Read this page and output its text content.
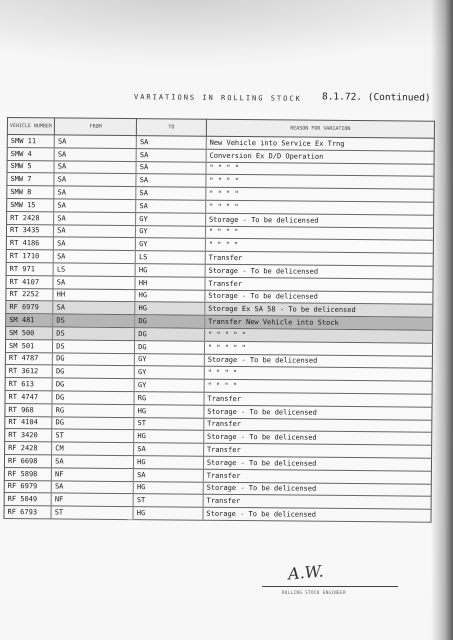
VARIATIONS IN ROLLING STOCK 8.1.72. (Continued)
VEHICLE NUMBER	FROM	TO	REASON FOR VARIATION
SMW 11	SA	SA	New Vehicle into Service Ex Trng
SMW 4	SA	SA	Conversion Ex D/D Operation
SMW 5	SA	SA	" " " "
SMW 7	SA	SA	" " " "
SMW 8	SA	SA	" " " "
SMW 15	SA	SA	" " " "
RT 2428	SA	GY	Storage - To be delicensed
RT 3435	SA	GY	" " " "
RT 4186	SA	GY	" " " "
RT 1710	SA	LS	Transfer
RT 971	LS	HG	Storage - To be delicensed
RT 4107	SA	HH	Transfer
RT 2252	HH	HG	Storage - To be delicensed
RF 6979	SA	HG	Storage Ex SA 58 - To be delicensed
SM 481	DS	DG	Transfer New Vehicle into Stock
SM 500	DS	DG	" " " " "
SM 501	DS	DG	" " " " "
RT 4787	DG	GY	Storage - To be delicensed
RT 3612	DG	GY	" " " "
RT 613	DG	GY	" " " "
RT 4747	DG	RG	Transfer
RT 968	RG	HG	Storage - To be delicensed
RT 4104	DG	ST	Transfer
RT 3420	ST	HG	Storage - To be delicensed
RF 2428	CM	SA	Transfer
RF 6698	SA	HG	Storage - To be delicensed
RF 5898	NF	SA	Transfer
RF 6979	SA	HG	Storage - To be delicensed
RF 5049	NF	ST	Transfer
RF 6793	ST	HG	Storage - To be delicensed
A.W.
ROLLING STOCK ENGINEER
